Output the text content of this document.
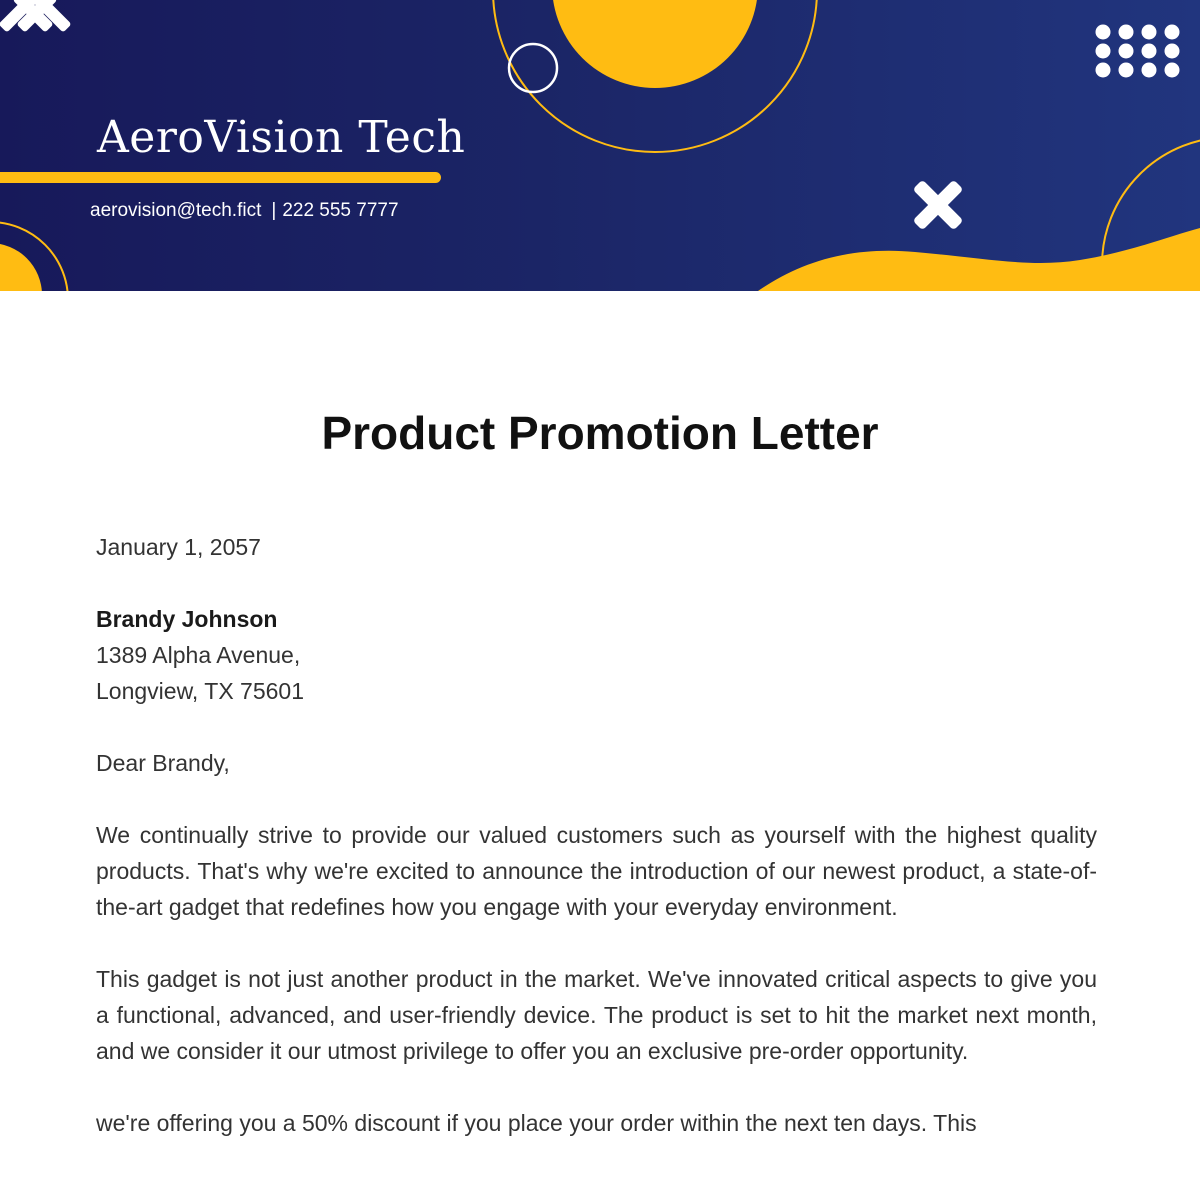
AeroVision Tech
aerovision@tech.fict | 222 555 7777
Product Promotion Letter

January 1, 2057

Brandy Johnson

1389 Alpha Avenue,

Longview, TX 75601

Dear Brandy,

We continually strive to provide our valued customers such as yourself with the highest quality products. That's why we're excited to announce the introduction of our newest product, a state-of-the-art gadget that redefines how you engage with your everyday environment.

This gadget is not just another product in the market. We've innovated critical aspects to give you a functional, advanced, and user-friendly device. The product is set to hit the market next month, and we consider it our utmost privilege to offer you an exclusive pre-order opportunity.

we're offering you a 50% discount if you place your order within the next ten days. This
